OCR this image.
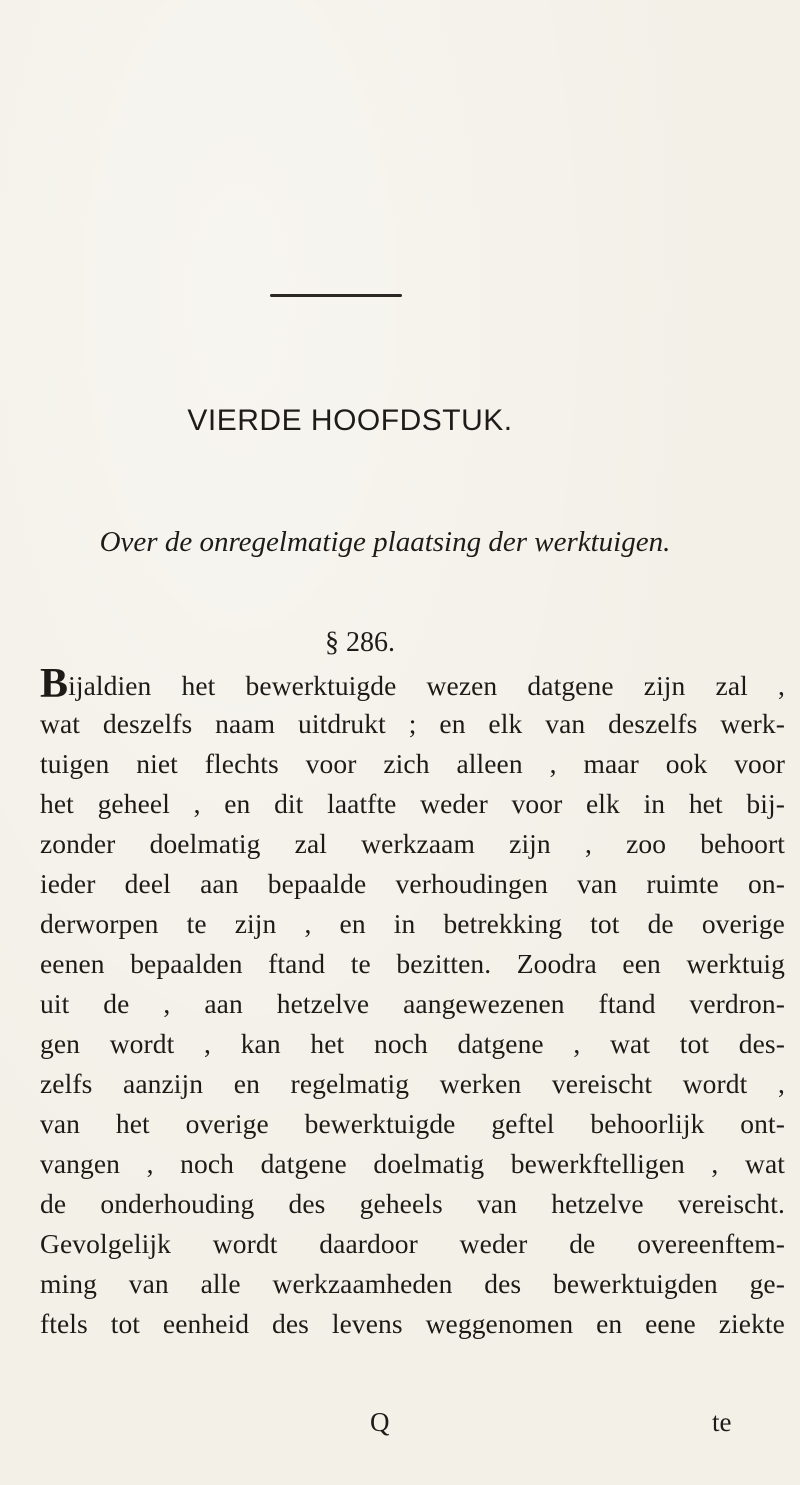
VIERDE HOOFDSTUK.
Over de onregelmatige plaatsing der werktuigen.
§ 286.
Bijaldien het bewerktuigde wezen datgene zijn zal ,
wat deszelfs naam uitdrukt ; en elk van deszelfs werk-
tuigen niet flechts voor zich alleen , maar ook voor
het geheel , en dit laatfte weder voor elk in het bij-
zonder doelmatig zal werkzaam zijn , zoo behoort
ieder deel aan bepaalde verhoudingen van ruimte on-
derworpen te zijn , en in betrekking tot de overige
eenen bepaalden ftand te bezitten. Zoodra een werktuig
uit de , aan hetzelve aangewezenen ftand verdron-
gen wordt , kan het noch datgene , wat tot des-
zelfs aanzijn en regelmatig werken vereischt wordt ,
van het overige bewerktuigde geftel behoorlijk ont-
vangen , noch datgene doelmatig bewerkftelligen , wat
de onderhouding des geheels van hetzelve vereischt.
Gevolgelijk wordt daardoor weder de overeenftem-
ming van alle werkzaamheden des bewerktuigden ge-
ftels tot eenheid des levens weggenomen en eene ziekte
Q	te
